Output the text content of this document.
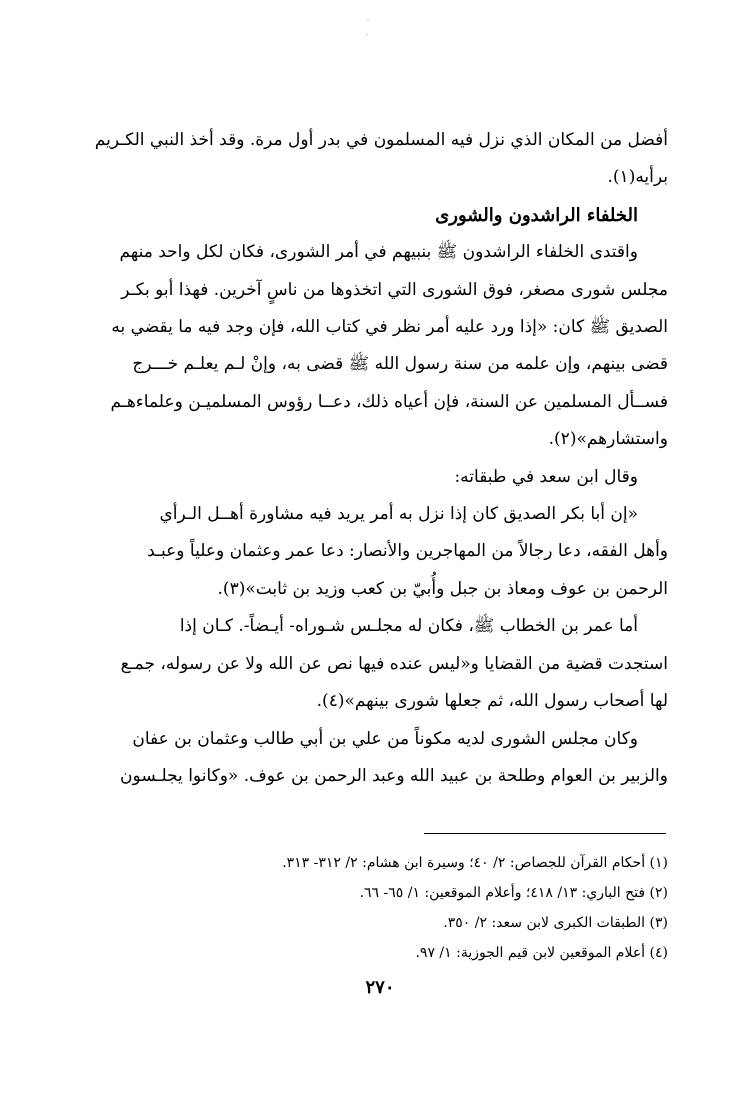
˙
·

أفضل من المكان الذي نزل فيه المسلمون في بدر أول مرة. وقد أخذ النبي الكـريم
برأيه(١).

الخلفاء الراشدون والشورى

واقتدى الخلفاء الراشدون ﷺ بنبيهم في أمر الشورى، فكان لكل واحد منهم
مجلس شورى مصغر، فوق الشورى التي اتخذوها من ناسٍ آخرين. فهذا أبو بكـر
الصديق ﷺ كان: «إذا ورد عليه أمر نظر في كتاب الله، فإن وجد فيه ما يقضي به
قضى بينهم، وإن علمه من سنة رسول الله ﷺ قضى به، وإنْ لـم يعلـم خـــرج
فســأل المسلمين عن السنة، فإن أعياه ذلك، دعــا رؤوس المسلميـن وعلماءهـم
واستشارهم»(٢).

وقال ابن سعد في طبقاته:

«إن أبا بكر الصديق كان إذا نزل به أمر يريد فيه مشاورة أهــل الـرأي
وأهل الفقه، دعا رجالاً من المهاجرين والأنصار: دعا عمر وعثمان وعلياً وعبـد
الرحمن بن عوف ومعاذ بن جبل وأُبيّ بن كعب وزيد بن ثابت»(٣).

أما عمر بن الخطاب ﷺ، فكان له مجلـس شـوراه- أيـضاً-. كـان إذا
استجدت قضية من القضايا و«ليس عنده فيها نص عن الله ولا عن رسوله، جمـع
لها أصحاب رسول الله، ثم جعلها شورى بينهم»(٤).

وكان مجلس الشورى لديه مكوناً من علي بن أبي طالب وعثمان بن عفان
والزبير بن العوام وطلحة بن عبيد الله وعبد الرحمن بن عوف. «وكانوا يجلـسون

(١) أحكام القرآن للجصاص: ٢/ ٤٠؛ وسيرة ابن هشام: ٢/ ٣١٢- ٣١٣.

(٢) فتح الباري: ١٣/ ٤١٨؛ وأعلام الموقعين: ١/ ٦٥- ٦٦.

(٣) الطبقات الكبرى لابن سعد: ٢/ ٣٥٠.

(٤) أعلام الموقعين لابن قيم الجوزية: ١/ ٩٧.

٢٧٠
